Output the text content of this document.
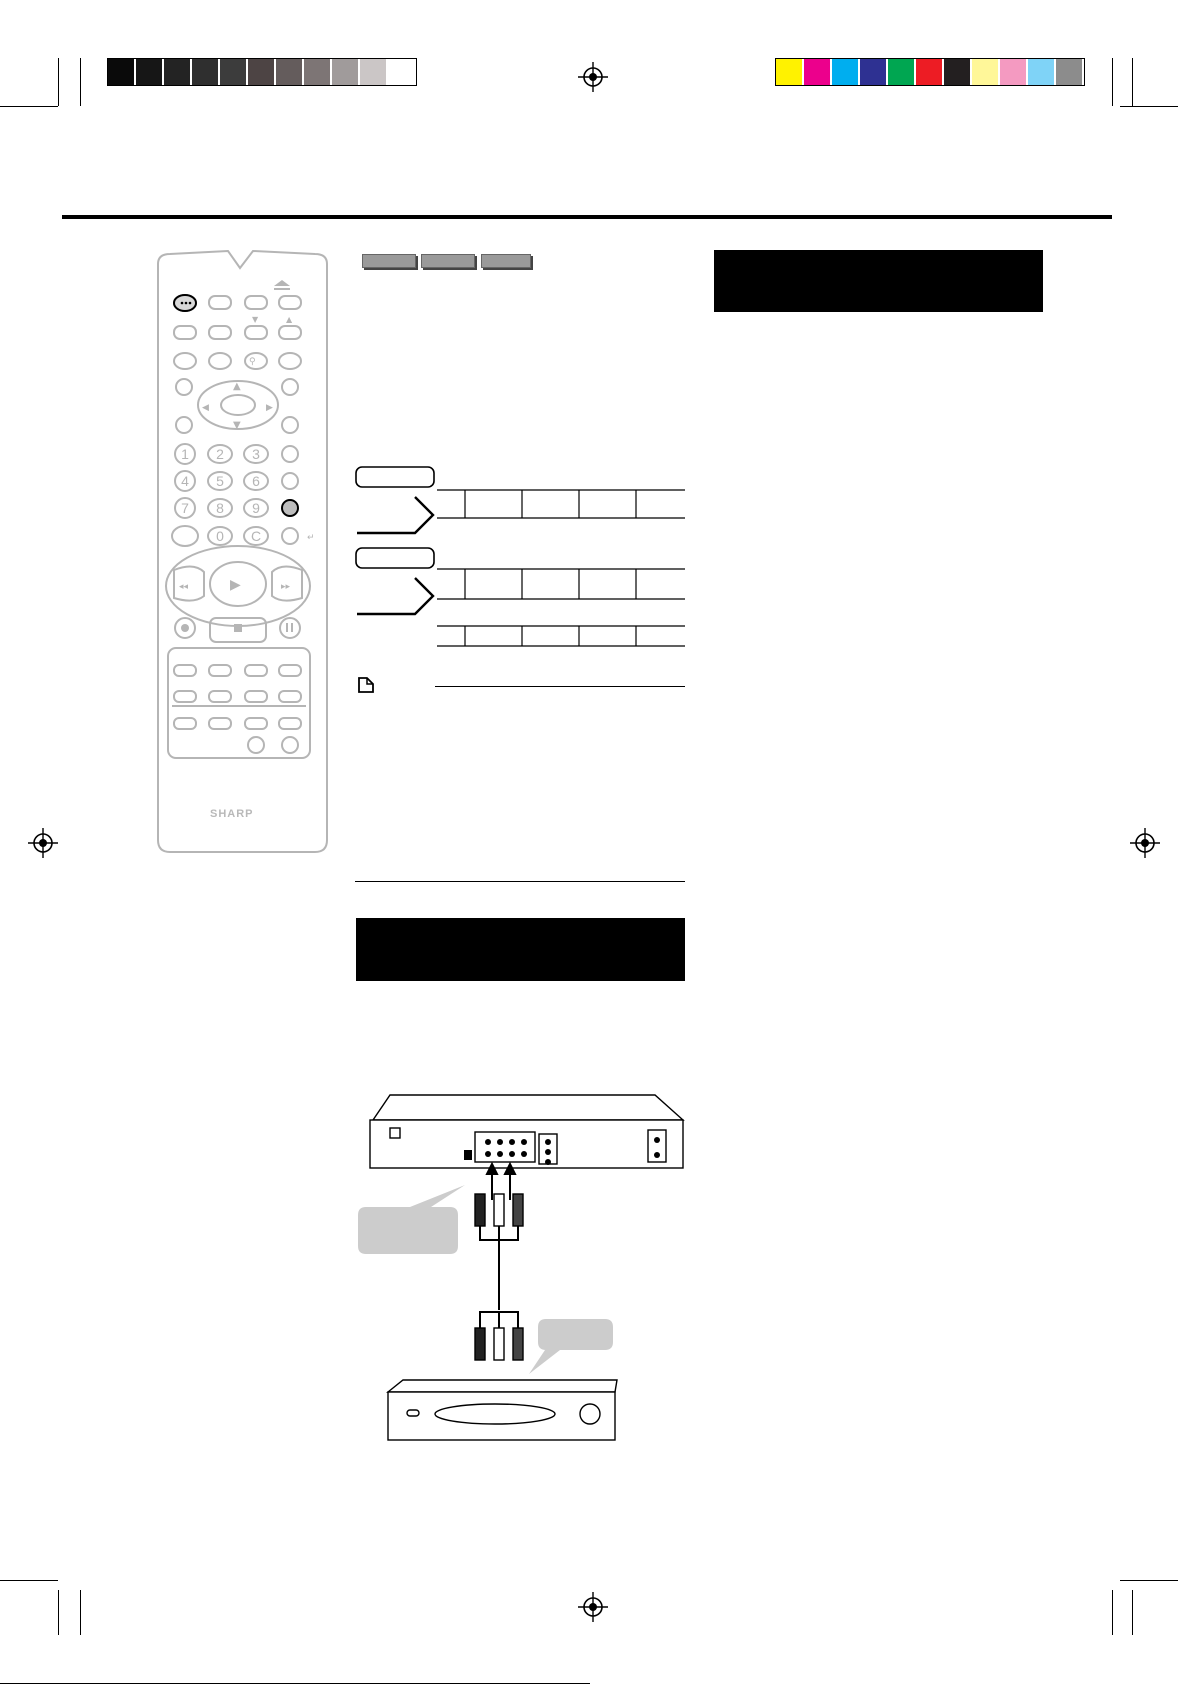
▼	▲
⚲
▲
▼
◀	▶
▶
◂◂	▸▸
↵
1 2 3
4 5 6
7 8 9
0 C
SHARP
